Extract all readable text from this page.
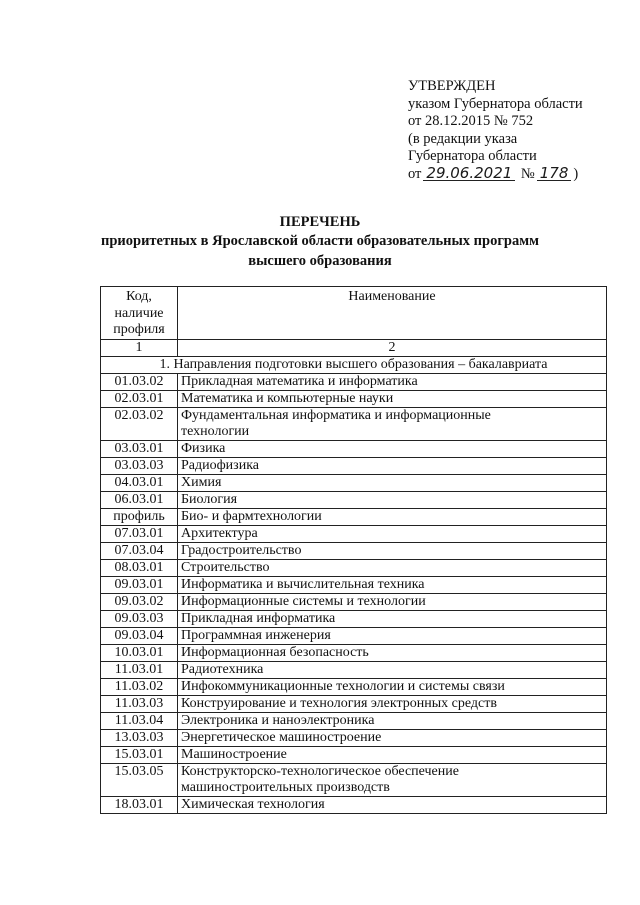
УТВЕРЖДЕН
указом Губернатора области
от 28.12.2015 № 752
(в редакции указа
Губернатора области
от 29.06.2021 № 178 )
ПЕРЕЧЕНЬ
приоритетных в Ярославской области образовательных программ
высшего образования
Код,
наличие
профиля	Наименование
1	2
1. Направления подготовки высшего образования – бакалавриата	
01.03.02	Прикладная математика и информатика

02.03.01	Математика и компьютерные науки

02.03.02	Фундаментальная информатика и информационные
технологии

03.03.01	Физика

03.03.03	Радиофизика

04.03.01	Химия

06.03.01	Биология

профиль	Био- и фармтехнологии

07.03.01	Архитектура

07.03.04	Градостроительство

08.03.01	Строительство

09.03.01	Информатика и вычислительная техника

09.03.02	Информационные системы и технологии

09.03.03	Прикладная информатика

09.03.04	Программная инженерия

10.03.01	Информационная безопасность

11.03.01	Радиотехника

11.03.02	Инфокоммуникационные технологии и системы связи

11.03.03	Конструирование и технология электронных средств

11.03.04	Электроника и наноэлектроника

13.03.03	Энергетическое машиностроение

15.03.01	Машиностроение

15.03.05	Конструкторско-технологическое обеспечение
машиностроительных производств

18.03.01	Химическая технология
